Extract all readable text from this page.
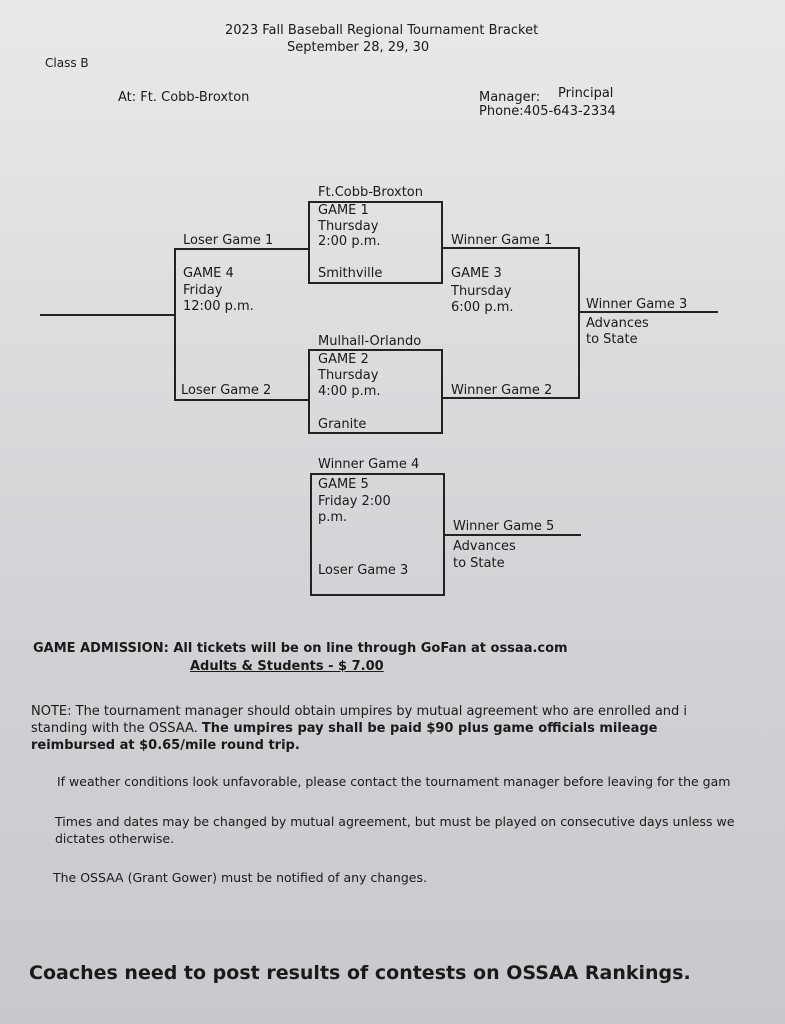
2023 Fall Baseball Regional Tournament Bracket
September 28, 29, 30
Class B
At: Ft. Cobb-Broxton	Manager: Principal
Phone:405-643-2334
Ft.Cobb-Broxton
GAME 1
Thursday
2:00 p.m.
Smithville
Mulhall-Orlando
GAME 2
Thursday
4:00 p.m.
Granite
Loser Game 1
Loser Game 2
GAME 4
Friday
12:00 p.m.
Winner Game 1
Winner Game 2
GAME 3
Thursday
6:00 p.m.	Winner Game 3
Advances
to State
Winner Game 4
GAME 5
Friday 2:00
p.m.
Loser Game 3
Winner Game 5
Advances
to State
GAME ADMISSION: All tickets will be on line through GoFan at ossaa.com
Adults & Students - $ 7.00
NOTE: The tournament manager should obtain umpires by mutual agreement who are enrolled and i
standing with the OSSAA. The umpires pay shall be paid $90 plus game officials mileage
reimbursed at $0.65/mile round trip.
If weather conditions look unfavorable, please contact the tournament manager before leaving for the gam
Times and dates may be changed by mutual agreement, but must be played on consecutive days unless we
dictates otherwise.
The OSSAA (Grant Gower) must be notified of any changes.
Coaches need to post results of contests on OSSAA Rankings.
